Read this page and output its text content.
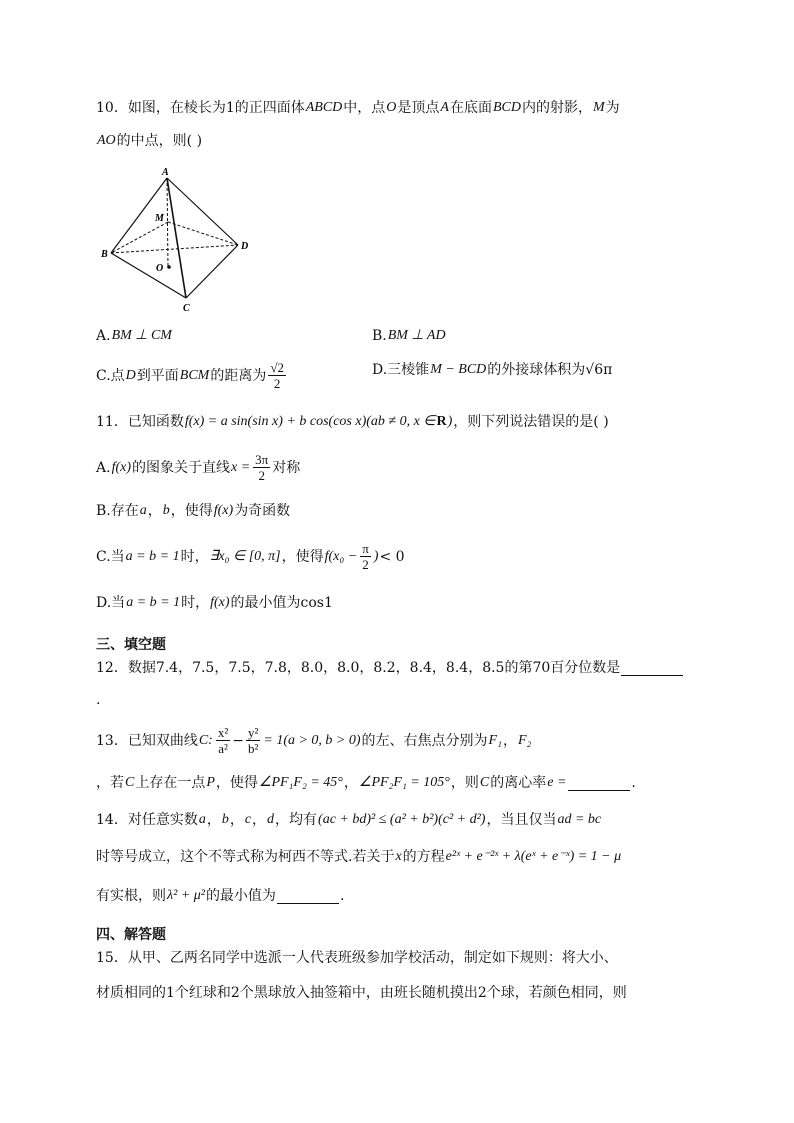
A
B
C
D
M
O
10．如图，在棱长为1的正四面体 ABCD 中，点 O 是顶点 A 在底面 BCD 内的射影， M 为
AO 的中点，则( )
A. BM ⊥ CM	B. BM ⊥ AD
C.点 D 到平面 BCM 的距离为 $\frac{√2}{2}$	D.三棱锥 M − BCD 的外接球体积为 √6π
11．已知函数 f(x) = a sin(sin x) + b cos(cos x)(ab ≠ 0, x ∈ R ) ，则下列说法错误的是( )
A. f(x) 的图象关于直线 $x = \frac{3\pi}{2}$ 对称
B.存在 a ， b ，使得 f(x) 为奇函数
C.当 a = b = 1 时， ∃x₀ ∈ [0, π] ，使得 $f(x_0 - \frac{\pi}{2}$ ) < 0
D.当 a = b = 1 时， f(x) 的最小值为 cos1
三、填空题
12．数据7.4，7.5，7.5，7.8，8.0，8.0，8.2，8.4，8.4，8.5的第70百分位数是
.
13．已知双曲线 C: $\frac{\text{x²}}{\text{a²}} - \frac{\text{y²}}{\text{b²}} = 1(a > 0$, b > 0) 的左、右焦点分别为 F₁ ， F₂
，若 C 上存在一点 P ，使得 ∠PF₁F₂ = 45° ， ∠PF₂F₁ = 105° ，则 C 的离心率 e =	.
14．对任意实数 a ， b ， c ， d ，均有 (ac + bd)² ≤ (a² + b²)(c² + d²) ，当且仅当 ad = bc
时等号成立，这个不等式称为柯西不等式.若关于 x 的方程 e²ˣ + e⁻²ˣ + λ(eˣ + e⁻ˣ) = 1 − μ
有实根，则 λ² + μ² 的最小值为	.
四、解答题
15．从甲、乙两名同学中选派一人代表班级参加学校活动，制定如下规则：将大小、
材质相同的1个红球和2个黑球放入抽签箱中，由班长随机摸出2个球，若颜色相同，则
